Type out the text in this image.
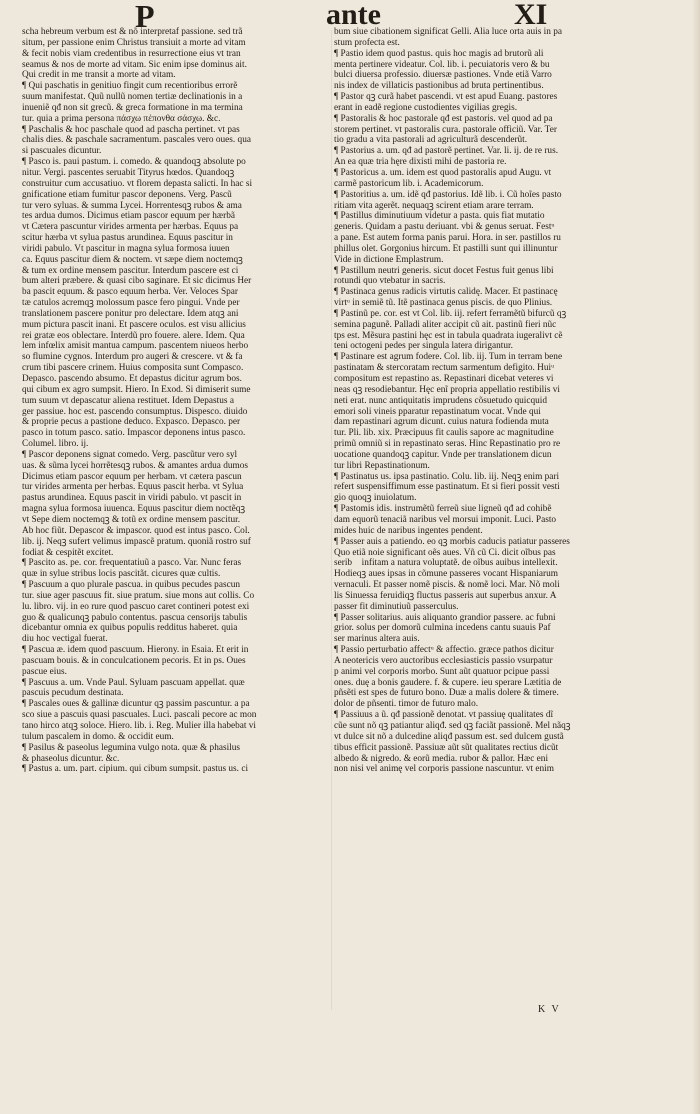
P	ante	XI
scha hebreum verbum est & nõ interpretaf passione. sed trã
situm, per passione enim Christus transiuit a morte ad vitam
& fecit nobis viam credentibus in resurrectione eius vt tran
seamus & nos de morte ad vitam. Sic enim ipse dominus ait.
Qui credit in me transit a morte ad vitam.
¶ Qui paschatis in genitiuo fingit cum recentioribus errorẽ
suum manifestat. Quũ nullũ nomen tertiæ declinationis in a
inueniẽ qđ non sit grecũ. & greca formatione in ma termina
tur. quia a prima persona πάσχω πέπονθα σάσχω. &c.
¶ Paschalis & hoc paschale quod ad pascha pertinet. vt pas
chalis dies. & paschale sacramentum. pascales vero oues. qua
si pascuales dicuntur.
¶ Pasco is. paui pastum. i. comedo. & quandoqꝫ absolute po
nitur. Vergi. pascentes seruabit Tityrus hœdos. Quandoqꝫ
construitur cum accusatiuo. vt florem depasta salicti. In hac si
gnificatione etiam fumitur pascor deponens. Verg. Pascũ
tur vero syluas. & summa Lycei. Horrentesqꝫ rubos & ama
tes ardua dumos. Dicimus etiam pascor equum per hærbã
vt Cætera pascuntur virides armenta per hærbas. Equus pa
scitur hærba vt sylua pastus arundinea. Equus pascitur in
viridi pabulo. Vt pascitur in magna sylua formosa iuuen
ca. Equus pascitur diem & noctem. vt sæpe diem noctemqꝫ
& tum ex ordine mensem pascitur. Interdum pascere est ci
bum alteri præbere. & quasi cibo saginare. Et sic dicimus Her
ba pascit equum. & pasco equum herba. Ver. Veloces Spar
tæ catulos acremqꝫ molossum pasce fero pingui. Vnde per
translationem pascere ponitur pro delectare. Idem atqꝫ ani
mum pictura pascit inani. Et pascere oculos. est visu allicius
rei gratæ eos oblectare. Interdũ pro fouere. alere. Idem. Qua
lem infœlix amisit mantua campum. pascentem niueos herbo
so flumine cygnos. Interdum pro augeri & crescere. vt & fa
crum tibi pascere crinem. Huius composita sunt Compasco.
Depasco. pascendo absumo. Et depastus dicitur agrum bos.
qui cibum ex agro sumpsit. Hiero. In Exod. Si dimiserit sume
tum suum vt depascatur aliena restituet. Idem Depastus a
ger passiue. hoc est. pascendo consumptus. Dispesco. diuido
& proprie pecus a pastione deduco. Expasco. Depasco. per
pasco in totum pasco. satio. Impascor deponens intus pasco.
Columel. libro. ij.
¶ Pascor deponens signat comedo. Verg. pascũtur vero syl
uas. & sũma lycei horrẽtesqꝫ rubos. & amantes ardua dumos
Dicimus etiam pascor equum per herbam. vt cætera pascun
tur virides armenta per herbas. Equus pascit herba. vt Sylua
pastus arundinea. Equus pascit in viridi pabulo. vt pascit in
magna sylua formosa iuuenca. Equus pascitur diem noctẽqꝫ
vt Sepe diem noctemqꝫ & totũ ex ordine mensem pascitur.
Ab hoc fiũt. Depascor & impascor. quod est intus pasco. Col.
lib. ij. Neqꝫ sufert velimus impascẽ pratum. quoniã rostro suf
fodiat & cespitẽt excitet.
¶ Pascito as. pe. cor. frequentatiuũ a pasco. Var. Nunc feras
quæ in sylue stribus locis pascitãt. cicures quæ cultis.
¶ Pascuum a quo plurale pascua. in quibus pecudes pascun
tur. siue ager pascuus fit. siue pratum. siue mons aut collis. Co
lu. libro. vij. in eo rure quod pascuo caret contineri potest exi
guo & qualicunqꝫ pabulo contentus. pascua censorijs tabulis
dicebantur omnia ex quibus populis redditus haberet. quia
diu hoc vectigal fuerat.
¶ Pascua æ. idem quod pascuum. Hierony. in Esaia. Et erit in
pascuam bouis. & in conculcationem pecoris. Et in ps. Oues
pascue eius.
¶ Pascuus a. um. Vnde Paul. Syluam pascuam appellat. quæ
pascuis pecudum destinata.
¶ Pascales oues & gallinæ dicuntur qꝫ passim pascuntur. a pa
sco siue a pascuis quasi pascuales. Luci. pascali pecore ac mon
tano hirco atqꝫ soloce. Hiero. lib. i. Reg. Mulier illa habebat vi
tulum pascalem in domo. & occidit eum.
¶ Pasilus & paseolus legumina vulgo nota. quæ & phasilus
& phaseolus dicuntur. &c.
¶ Pastus a. um. part. cipium. qui cibum sumpsit. pastus us. ci
bum siue cibationem significat Gelli. Alia luce orta auis in pa
stum profecta est.
¶ Pastio idem quod pastus. quis hoc magis ad brutorũ ali
menta pertinere videatur. Col. lib. i. pecuiatoris vero & bu
bulci diuersa professio. diuersæ pastiones. Vnde etiã Varro
nis index de villaticis pastionibus ad bruta pertinentibus.
¶ Pastor qꝫ curã habet pascendi. vt est apud Euang. pastores
erant in eadẽ regione custodientes vigilias gregis.
¶ Pastoralis & hoc pastorale qđ est pastoris. vel quod ad pa
storem pertinet. vt pastoralis cura. pastorale officiũ. Var. Ter
tio gradu a vita pastorali ad agriculturã descenderũt.
¶ Pastorius a. um. qđ ad pastorẽ pertinet. Var. li. ij. de re rus.
An ea quæ tria hęre dixisti mihi de pastoria re.
¶ Pastoricus a. um. idem est quod pastoralis apud Augu. vt
carmẽ pastoricum lib. i. Academicorum.
¶ Pastoritius a. um. idẽ qđ pastorius. Idẽ lib. i. Cũ hoĩes pasto
ritiam vita agerẽt. nequaqꝫ scirent etiam arare terram.
¶ Pastillus diminutiuum videtur a pasta. quis fiat mutatio
generis. Quidam a pastu deriuant. vbi & genus seruat. Festᵘ
a pane. Est autem forma panis parui. Hora. in ser. pastillos ru
phillus olet. Gorgonius hircum. Et pastilli sunt qui illinuntur
Vide in dictione Emplastrum.
¶ Pastillum neutri generis. sicut docet Festus fuit genus libi
rotundi quo vtebatur in sacris.
¶ Pastinaca genus radicis virtutis calidę. Macer. Et pastinacę
virtᵘ in semiẽ tũ. Itẽ pastinaca genus piscis. de quo Plinius.
¶ Pastinũ pe. cor. est vt Col. lib. iij. refert ferramẽtũ bifurcũ qꝫ
semina pagunẽ. Palladi aliter accipit cũ ait. pastinũ fieri nũc
tps est. Mẽsura pastini hęc est in tabula quadrata iugeralivt cẽ
teni octogeni pedes per singula latera dirigantur.
¶ Pastinare est agrum fodere. Col. lib. iij. Tum in terram bene
pastinatam & stercoratam rectum sarmentum defigito. Huiᵘ
compositum est repastino as. Repastinari dicebat veteres vi
neas qꝫ resodiebantur. Hęc enĩ propria appellatio restibilis vi
neti erat. nunc antiquitatis imprudens cõsuetudo quicquid
emori soli vineis pparatur repastinatum vocat. Vnde qui
dam repastinari agrum dicunt. cuius natura fodienda muta
tur. Pli. lib. xix. Præcipuus fit caulis sapore ac magnitudine
primũ omniũ si in repastinato seras. Hinc Repastinatio pro re
uocatione quandoqꝫ capitur. Vnde per translationem dicun
tur libri Repastinationum.
¶ Pastinatus us. ipsa pastinatio. Colu. lib. iij. Neqꝫ enim pari
refert suspensiffimum esse pastinatum. Et si fieri possit vesti
gio quoqꝫ inuiolatum.
¶ Pastomis idis. instrumẽtũ ferreũ siue ligneũ qđ ad cohibẽ
dam equorũ tenaciã naribus vel morsui imponit. Luci. Pasto
mides huic de naribus ingentes pendent.
¶ Passer auis a patiendo. eo qꝫ morbis caducis patiatur passeres
Quo etiã noie significant oẽs aues. Vñ cũ Ci. dicit oĩbus pas
serib᷑ infitam a natura voluptatẽ. de oĩbus auibus intellexit.
Hodieqꝫ aues ipsas in cõmune passeres vocant Hispaniarum
vernaculi. Et passer nomẽ piscis. & nomẽ loci. Mar. Nõ moli
lis Sinuessa feruidiqꝫ fluctus passeris aut superbus anxur. A
passer fit diminutiuũ passerculus.
¶ Passer solitarius. auis aliquanto grandior passere. ac fubni
grior. solus per domorũ culmina incedens cantu suauis Paf
ser marinus altera auis.
¶ Passio perturbatio affectᵘ & affectio. græce pathos dicitur
A neotericis vero auctoribus ecclesiasticis passio vsurpatur
p animi vel corporis morbo. Sunt aũt quatuor pcipue passi
ones. duę a bonis gaudere. f. & cupere. ieu sperare Lætitia de
pñsẽti est spes de futuro bono. Duæ a malis dolere & timere.
dolor de pñsenti. timor de futuro malo.
¶ Passiuus a ũ. qđ passionẽ denotat. vt passiuę qualitates dĩ
cũe sunt nõ qꝫ patiantur aliqđ. sed qꝫ faciãt passionẽ. Mel nãqꝫ
vt dulce sit nõ a dulcedine aliqđ passum est. sed dulcem gustã
tibus efficit passionẽ. Passiuæ aũt sũt qualitates rectius dicũt
albedo & nigredo. & eorũ media. rubor & pallor. Hæc eni
non nisi vel animę vel corporis passione nascuntur. vt enim
K V
